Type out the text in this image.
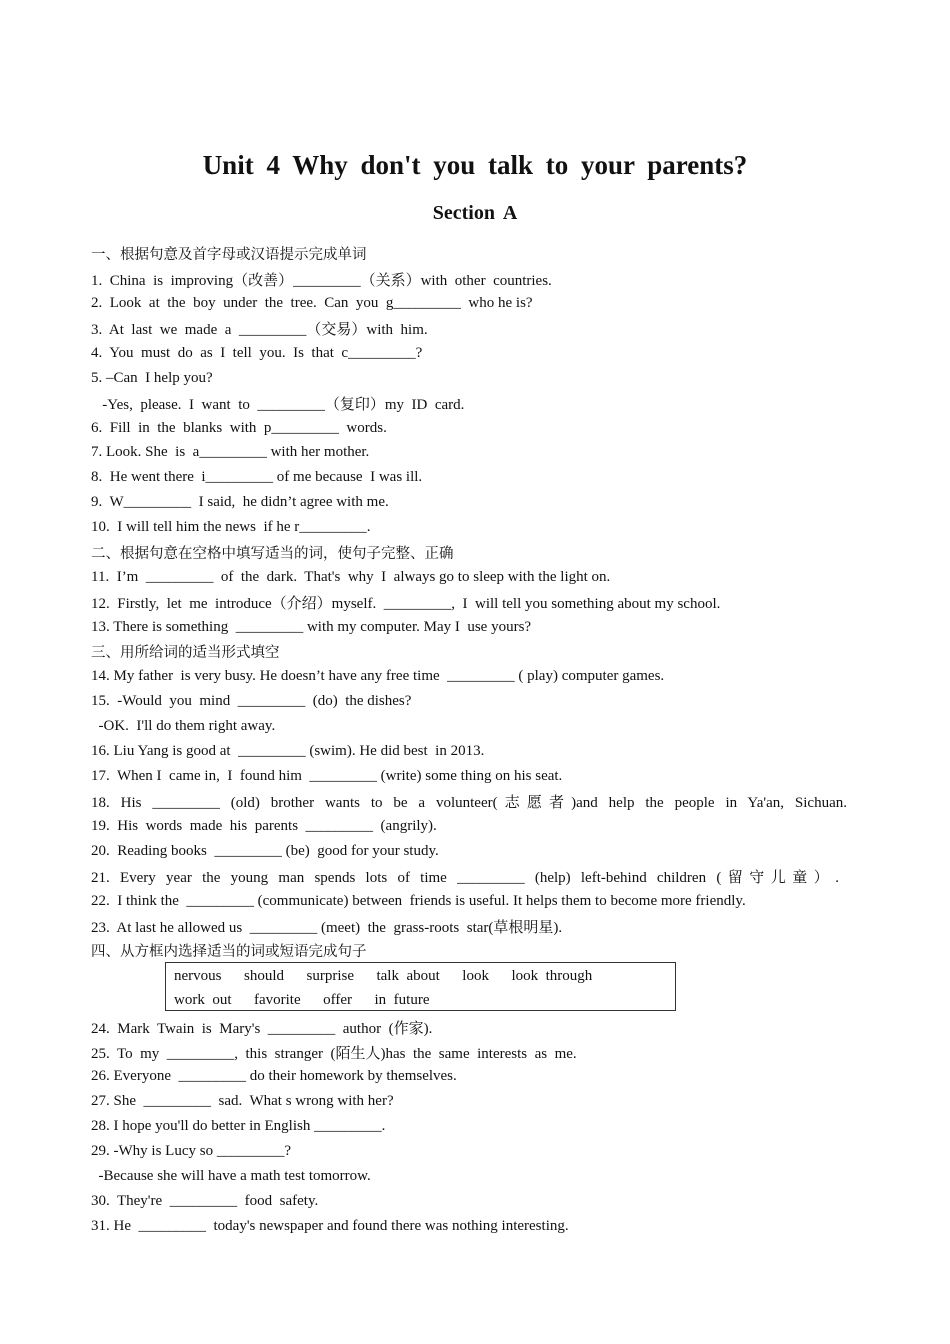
Unit 4 Why don't you talk to your parents?
Section A
一、根据句意及首字母或汉语提示完成单词
1.  China  is  improving（改善）_________（关系）with  other  countries.
2.  Look  at  the  boy  under  the  tree.  Can  you  g_________  who he is?
3.  At  last  we  made  a  _________（交易）with  him.
4.  You  must  do  as  I  tell  you.  Is  that  c_________?
5. –Can  I help you?
-Yes,  please.  I  want  to  _________（复印）my  ID  card.
6.  Fill  in  the  blanks  with  p_________  words.
7. Look. She  is  a_________ with her mother.
8.  He went there  i_________ of me because  I was ill.
9.  W_________  I said,  he didn’t agree with me.
10.  I will tell him the news  if he r_________.
二、根据句意在空格中填写适当的词，使句子完整、正确
11.  I’m  _________  of  the  dark.  That's  why  I  always go to sleep with the light on.
12.  Firstly,  let  me  introduce（介绍）myself.  _________,  I  will tell you something about my school.
13. There is something  _________ with my computer. May I  use yours?
三、用所给词的适当形式填空
14. My father  is very busy. He doesn’t have any free time  _________ ( play) computer games.
15.  -Would  you  mind  _________  (do)  the dishes?
-OK.  I'll do them right away.
16. Liu Yang is good at  _________ (swim). He did best  in 2013.
17.  When I  came in,  I  found him  _________ (write) some thing on his seat.
18. His _________ (old) brother wants to be a volunteer(志愿者)and help the people in Ya'an, Sichuan.
19.  His  words  made  his  parents  _________  (angrily).
20.  Reading books  _________ (be)  good for your study.
21. Every year the young man spends lots of time _________ (help) left-behind children (留守儿童）.
22.  I think the  _________ (communicate) between  friends is useful. It helps them to become more friendly.
23.  At last he allowed us  _________ (meet)  the  grass-roots  star(草根明星).
四、从方框内选择适当的词或短语完成句子
nervous      should      surprise      talk  about      look      look  through
work  out      favorite      offer      in  future
24.  Mark  Twain  is  Mary's  _________  author  (作家).
25.  To  my  _________,  this  stranger  (陌生人)has  the  same  interests  as  me.
26. Everyone  _________ do their homework by themselves.
27. She  _________  sad.  What s wrong with her?
28. I hope you'll do better in English _________.
29. -Why is Lucy so _________?
-Because she will have a math test tomorrow.
30.  They're  _________  food  safety.
31. He  _________  today's newspaper and found there was nothing interesting.
